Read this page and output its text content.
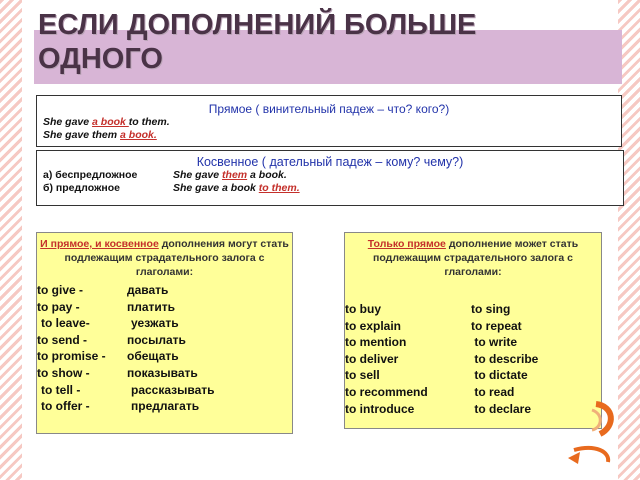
ЕСЛИ ДОПОЛНЕНИЙ БОЛЬШЕ ОДНОГО
Прямое ( винительный падеж – что? кого?)
She gave a book to them.
She gave them a book.
Косвенное ( дательный падеж – кому? чему?)
а) беспредложное	She gave them a book.
б) предложное	She gave a book to them.
И прямое, и косвенное дополнения могут стать подлежащим страдательного залога с глаголами:
to give -	давать
to pay -	платить
to leave-	уезжать
to send -	посылать
to promise -	обещать
to show -	показывать
to tell -	рассказывать
to offer -	предлагать
Только прямое дополнение может стать подлежащим страдательного залога с глаголами:
to buy	to sing
to explain	to repeat
to mention	to write
to deliver	to describe
to sell	to dictate
to recommend	to read
to introduce	to declare
